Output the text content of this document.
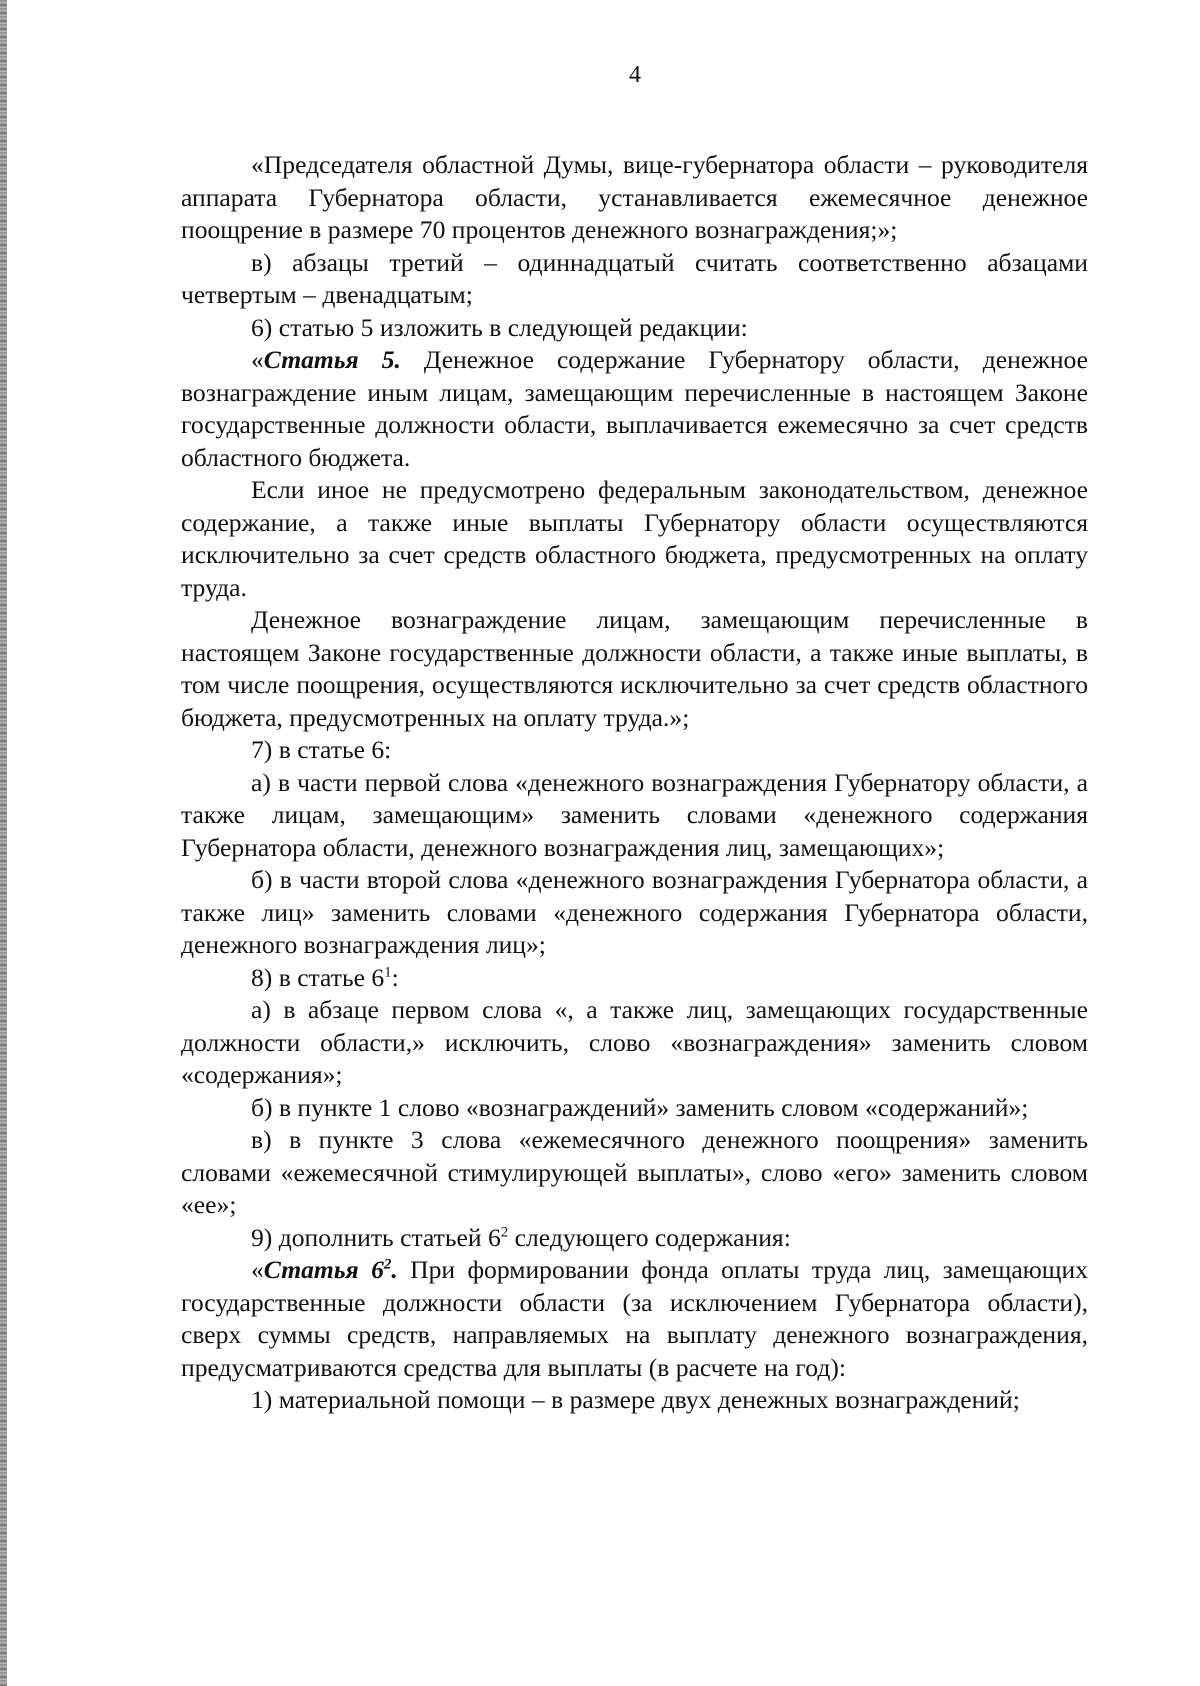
4

«Председателя областной Думы, вице-губернатора области – руководителя аппарата Губернатора области, устанавливается ежемесячное денежное поощрение в размере 70 процентов денежного вознаграждения;»;

в) абзацы третий – одиннадцатый считать соответственно абзацами четвертым – двенадцатым;

6) статью 5 изложить в следующей редакции:

«Статья 5. Денежное содержание Губернатору области, денежное вознаграждение иным лицам, замещающим перечисленные в настоящем Законе государственные должности области, выплачивается ежемесячно за счет средств областного бюджета.

Если иное не предусмотрено федеральным законодательством, денежное содержание, а также иные выплаты Губернатору области осуществляются исключительно за счет средств областного бюджета, предусмотренных на оплату труда.

Денежное вознаграждение лицам, замещающим перечисленные в настоящем Законе государственные должности области, а также иные выплаты, в том числе поощрения, осуществляются исключительно за счет средств областного бюджета, предусмотренных на оплату труда.»;

7) в статье 6:

а) в части первой слова «денежного вознаграждения Губернатору области, а также лицам, замещающим» заменить словами «денежного содержания Губернатора области, денежного вознаграждения лиц, замещающих»;

б) в части второй слова «денежного вознаграждения Губернатора области, а также лиц» заменить словами «денежного содержания Губернатора области, денежного вознаграждения лиц»;

8) в статье $6^1$:

а) в абзаце первом слова «, а также лиц, замещающих государственные должности области,» исключить, слово «вознаграждения» заменить словом «содержания»;

б) в пункте 1 слово «вознаграждений» заменить словом «содержаний»;

в) в пункте 3 слова «ежемесячного денежного поощрения» заменить словами «ежемесячной стимулирующей выплаты», слово «его» заменить словом «ее»;

9) дополнить статьей $6^2$ следующего содержания:

«Статья $6^2$. При формировании фонда оплаты труда лиц, замещающих государственные должности области (за исключением Губернатора области), сверх суммы средств, направляемых на выплату денежного вознаграждения, предусматриваются средства для выплаты (в расчете на год):

1) материальной помощи – в размере двух денежных вознаграждений;
